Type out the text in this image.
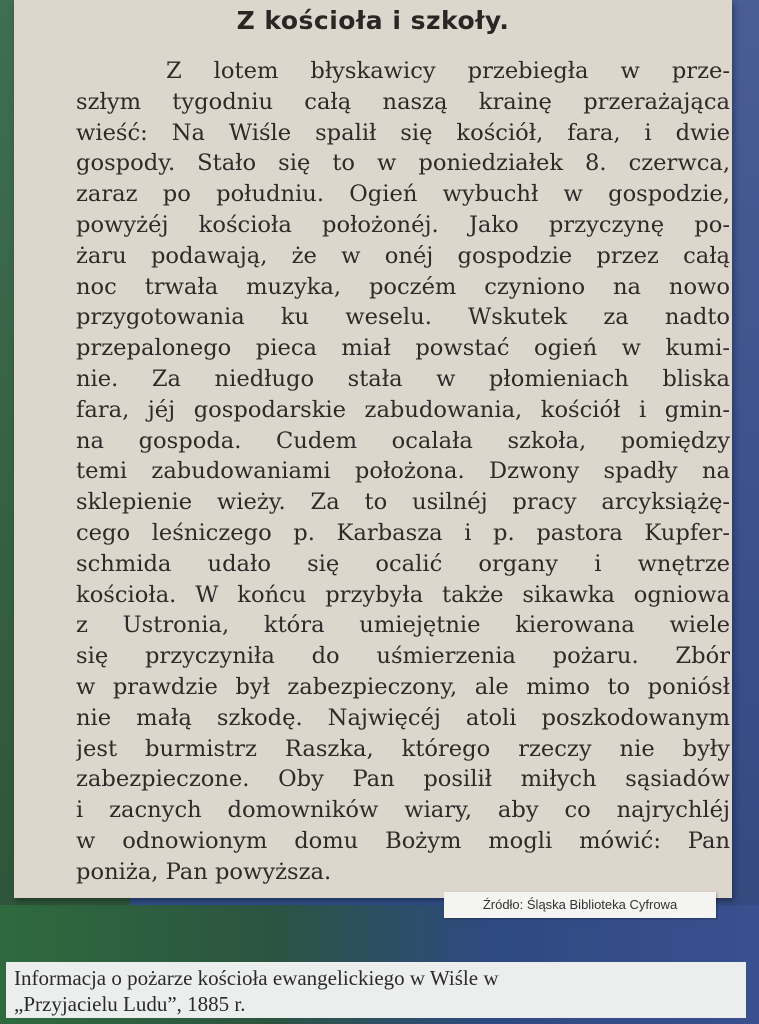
Z kościoła i szkoły.
Z lotem błyskawicy przebiegła w prze-
szłym tygodniu całą naszą krainę przerażająca
wieść: Na Wiśle spalił się kościół, fara, i dwie
gospody. Stało się to w poniedziałek 8. czerwca,
zaraz po południu. Ogień wybuchł w gospodzie,
powyżéj kościoła położonéj. Jako przyczynę po-
żaru podawają, że w onéj gospodzie przez całą
noc trwała muzyka, poczém czyniono na nowo
przygotowania ku weselu. Wskutek za nadto
przepalonego pieca miał powstać ogień w kumi-
nie. Za niedługo stała w płomieniach bliska
fara, jéj gospodarskie zabudowania, kościół i gmin-
na gospoda. Cudem ocalała szkoła, pomiędzy
temi zabudowaniami położona. Dzwony spadły na
sklepienie wieży. Za to usilnéj pracy arcyksiążę-
cego leśniczego p. Karbasza i p. pastora Kupfer-
schmida udało się ocalić organy i wnętrze
kościoła. W końcu przybyła także sikawka ogniowa
z Ustronia, która umiejętnie kierowana wiele
się przyczyniła do uśmierzenia pożaru. Zbór
w prawdzie był zabezpieczony, ale mimo to poniósł
nie małą szkodę. Najwięcéj atoli poszkodowanym
jest burmistrz Raszka, którego rzeczy nie były
zabezpieczone. Oby Pan posilił miłych sąsiadów
i zacnych domowników wiary, aby co najrychléj
w odnowionym domu Bożym mogli mówić: Pan
poniża, Pan powyższa.
Źródło: Śląska Biblioteka Cyfrowa
Informacja o pożarze kościoła ewangelickiego w Wiśle w
„Przyjacielu Ludu”, 1885 r.
